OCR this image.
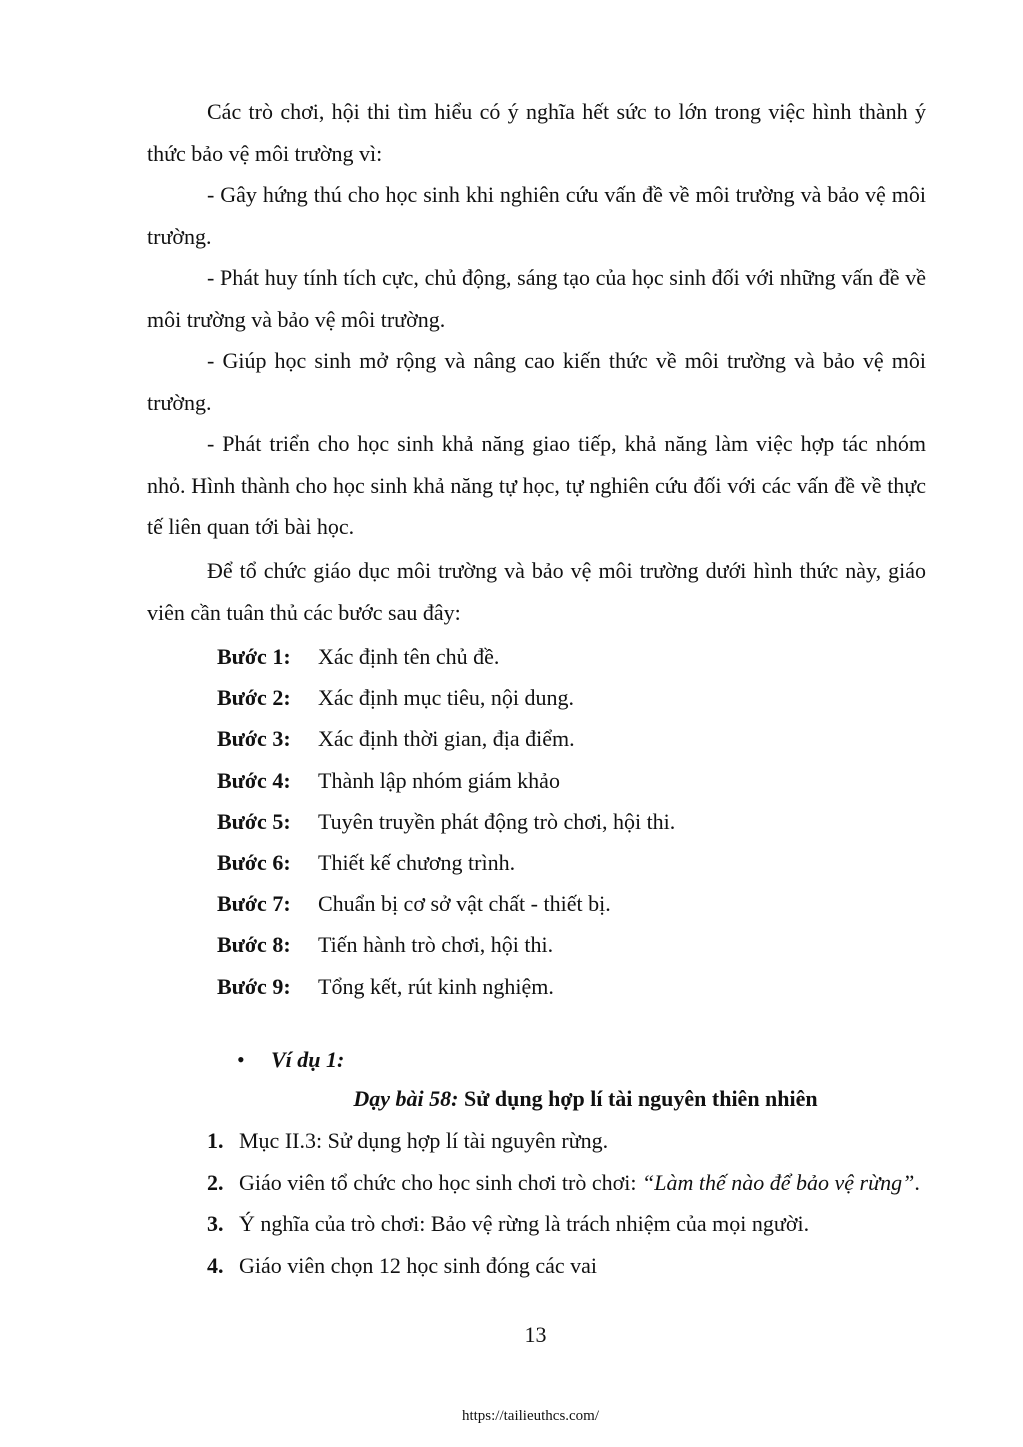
Các trò chơi, hội thi tìm hiểu có ý nghĩa hết sức to lớn trong việc hình thành ý thức bảo vệ môi trường vì:

- Gây hứng thú cho học sinh khi nghiên cứu vấn đề về môi trường và bảo vệ môi trường.

- Phát huy tính tích cực, chủ động, sáng tạo của học sinh đối với những vấn đề về môi trường và bảo vệ môi trường.

- Giúp học sinh mở rộng và nâng cao kiến thức về môi trường và bảo vệ môi trường.

- Phát triển cho học sinh khả năng giao tiếp, khả năng làm việc hợp tác nhóm nhỏ. Hình thành cho học sinh khả năng tự học, tự nghiên cứu đối với các vấn đề về thực tế liên quan tới bài học.

Để tổ chức giáo dục môi trường và bảo vệ môi trường dưới hình thức này, giáo viên cần tuân thủ các bước sau đây:

Bước 1: Xác định tên chủ đề.
Bước 2: Xác định mục tiêu, nội dung.
Bước 3: Xác định thời gian, địa điểm.
Bước 4: Thành lập nhóm giám khảo
Bước 5: Tuyên truyền phát động trò chơi, hội thi.
Bước 6: Thiết kế chương trình.
Bước 7: Chuẩn bị cơ sở vật chất - thiết bị.
Bước 8: Tiến hành trò chơi, hội thi.
Bước 9: Tổng kết, rút kinh nghiệm.
• Ví dụ 1:
Dạy bài 58: Sử dụng hợp lí tài nguyên thiên nhiên
1. Mục II.3: Sử dụng hợp lí tài nguyên rừng.
2. Giáo viên tổ chức cho học sinh chơi trò chơi: “Làm thế nào để bảo vệ rừng”.
3. Ý nghĩa của trò chơi: Bảo vệ rừng là trách nhiệm của mọi người.
4. Giáo viên chọn 12 học sinh đóng các vai
13
https://tailieuthcs.com/
